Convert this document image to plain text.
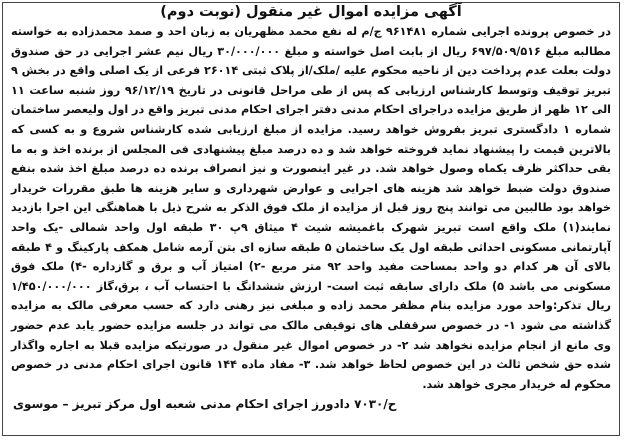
آگهی مزایده اموال غیر منقول (نوبت دوم)

در خصوص پرونده اجرایی شماره ۹۶۱۴۸۱ ج/م له نفع محمد مظهریان به زبان احد و صمد محمدزاده به خواسته مطالبه مبلغ ۶۹۷/۵۰۹/۵۱۶ ریال از بابت اصل خواسته و مبلغ ۳۰/۰۰۰/۰۰۰ ریال نیم عشر اجرایی در حق صندوق دولت بعلت عدم پرداخت دین از ناحیه محکوم علیه /ملک/از پلاک ثبتی ۲۶۰۱۴ فرعی از یک اصلی واقع در بخش ۹ تبریز توقیف وتوسط کارشناس ارزیابی که پس از طی مراحل قانونی در تاریخ ۹۶/۱۲/۱۹ روز شنبه ساعت ۱۱ الی ۱۲ ظهر از طریق مزایده دراجرای احکام مدنی دفتر اجرای احکام مدنی تبریز واقع در اول ولیعصر ساختمان شماره ۱ دادگستری تبریز بفروش خواهد رسید. مزایده از مبلغ ارزیابی شده کارشناس شروع و به کسی که بالاترین قیمت را پیشنهاد نماید فروخته خواهد شد و ده درصد مبلغ پیشنهادی فی المجلس از برنده اخذ و به ما بقی حداکثر ظرف یکماه وصول خواهد شد. در غیر اینصورت و نیز انصراف برنده ده درصد مبلغ اخذ شده بنفع صندوق دولت ضبط خواهد شد هزینه های اجرایی و عوارض شهرداری و سایر هزینه ها طبق مقررات خریدار خواهد بود طالبین می توانند پنج روز قبل از مزایده از ملک فوق الذکر به شرح ذیل با هماهنگی این اجرا بازدید نمایند(۱) ملک واقع است تبریز شهرک باغمیشه شیث ۴ میثاق ۹پ ۳۰ طبقه اول واحد شمالی -یک واحد آپارتمانی مسکونی احداثی طبقه اول یک ساختمان ۵ طبقه سازه ای بتن آرمه شامل همکف پارکینگ و ۴ طبقه بالای آن هر کدام دو واحد بمساحت مفید واحد ۹۲ متر مربع -۲) امتیاز آب و برق و گازداره -۴) ملک فوق مسکونی می باشد ۵) ملک دارای سابقه ثبت است- ارزش ششدانگ با احتساب آب ، برق،گاز ۱/۴۵۰/۰۰۰/۰۰۰ ریال تذکر:واحد مورد مزایده بنام مظفر محمد زاده و مبلغی نیز رهنی دارد که حسب معرفی مالک به مزایده گذاشته می شود ۱- در خصوص سرقفلی های توقیفی مالک می تواند در جلسه مزایده حضور یابد عدم حضور وی مانع از انجام مزایده نخواهد شد ۲- در خصوص اموال غیر منقول در صورتیکه مزایده قبلا به اجاره واگذار شده حق شخص ثالث در این خصوص لحاظ خواهد شد. ۳- مفاد ماده ۱۴۴ قانون اجرای احکام مدنی در خصوص محکوم له خریدار مجری خواهد شد.

ح/۷۰۳۰ دادورز اجرای احکام مدنی شعبه اول مرکز تبریز – موسوی
